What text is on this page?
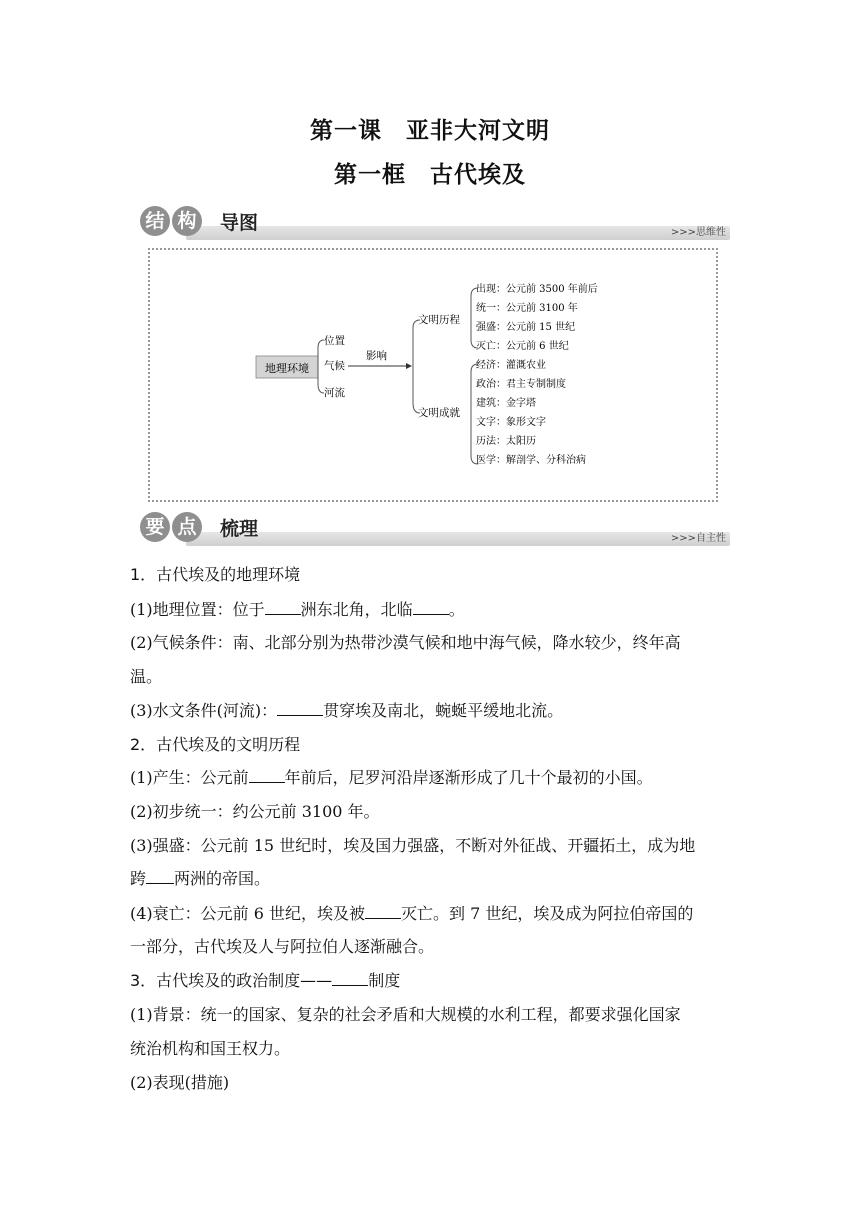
第一课　亚非大河文明
第一框　古代埃及
结 构 导图	>>>思维性
地理环境
位置
气候
河流
影响
文明历程
文明成就
出现：公元前 3500 年前后
统一：公元前 3100 年
强盛：公元前 15 世纪
灭亡：公元前 6 世纪
经济：灌溉农业
政治：君主专制制度
建筑：金字塔
文字：象形文字
历法：太阳历
医学：解剖学、分科治病
要 点 梳理	>>>自主性
1．古代埃及的地理环境
(1)地理位置：位于 洲东北角，北临 。
(2)气候条件：南、北部分别为热带沙漠气候和地中海气候，降水较少，终年高
温。
(3)水文条件(河流)：	贯穿埃及南北，蜿蜒平缓地北流。
2．古代埃及的文明历程
(1)产生：公元前 年前后，尼罗河沿岸逐渐形成了几十个最初的小国。
(2)初步统一：约公元前 3100 年。
(3)强盛：公元前 15 世纪时，埃及国力强盛，不断对外征战、开疆拓土，成为地
跨 两洲的帝国。
(4)衰亡：公元前 6 世纪，埃及被 灭亡。到 7 世纪，埃及成为阿拉伯帝国的
一部分，古代埃及人与阿拉伯人逐渐融合。
3．古代埃及的政治制度—— 制度
(1)背景：统一的国家、复杂的社会矛盾和大规模的水利工程，都要求强化国家
统治机构和国王权力。
(2)表现(措施)
